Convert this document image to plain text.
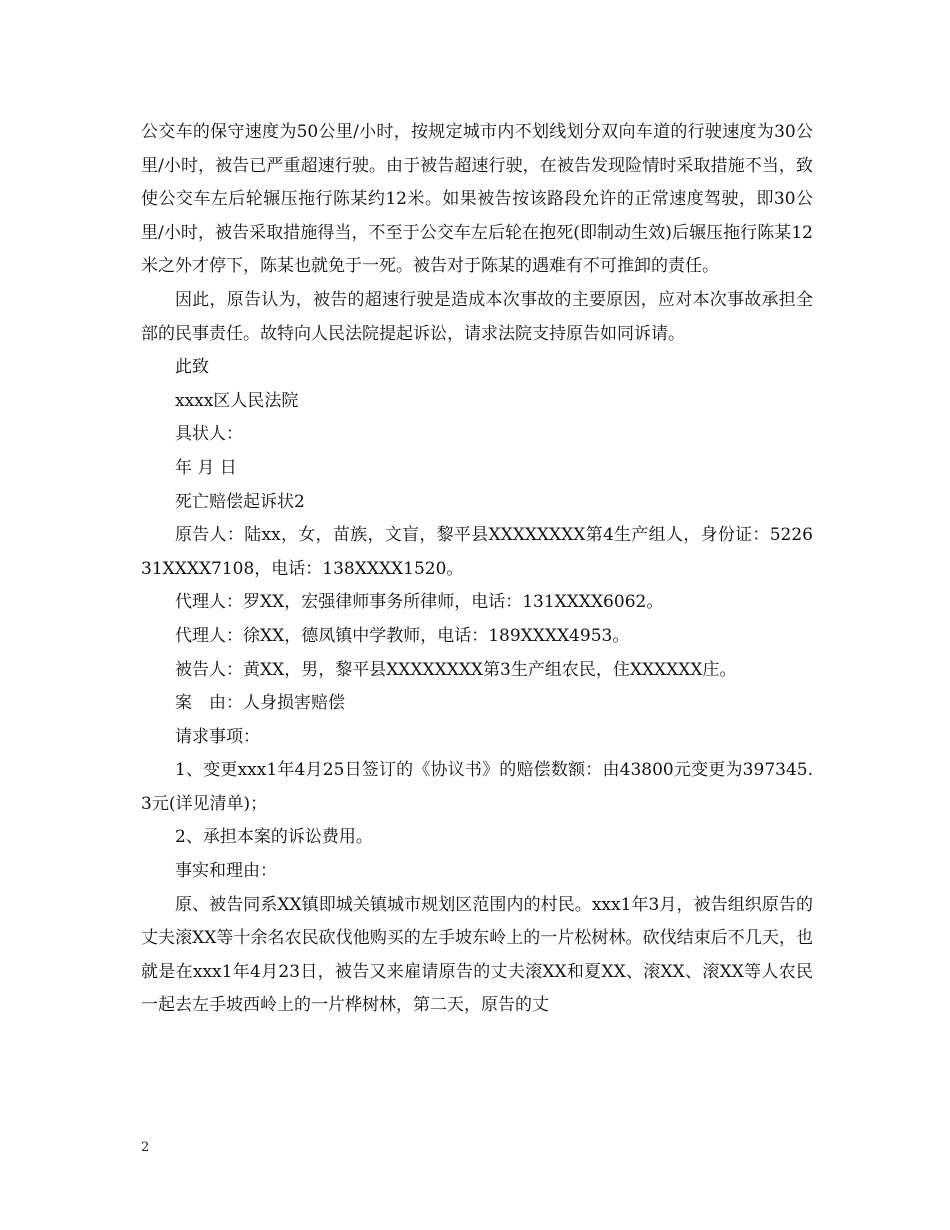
公交车的保守速度为50公里/小时，按规定城市内不划线划分双向车道的行驶速度为30公里/小时，被告已严重超速行驶。由于被告超速行驶，在被告发现险情时采取措施不当，致使公交车左后轮辗压拖行陈某约12米。如果被告按该路段允许的正常速度驾驶，即30公里/小时，被告采取措施得当，不至于公交车左后轮在抱死(即制动生效)后辗压拖行陈某12米之外才停下，陈某也就免于一死。被告对于陈某的遇难有不可推卸的责任。

因此，原告认为，被告的超速行驶是造成本次事故的主要原因，应对本次事故承担全部的民事责任。故特向人民法院提起诉讼，请求法院支持原告如同诉请。

此致

xxxx区人民法院

具状人：

年 月 日

死亡赔偿起诉状2

原告人：陆xx，女，苗族，文盲，黎平县XXXXXXXX第4生产组人，身份证：522631XXXX7108，电话：138XXXX1520。

代理人：罗XX，宏强律师事务所律师，电话：131XXXX6062。

代理人：徐XX，德凤镇中学教师，电话：189XXXX4953。

被告人：黄XX，男，黎平县XXXXXXXX第3生产组农民，住XXXXXX庄。

案　由：人身损害赔偿

请求事项：

1、变更xxx1年4月25日签订的《协议书》的赔偿数额：由43800元变更为397345.3元(详见清单)；

2、承担本案的诉讼费用。

事实和理由：

原、被告同系XX镇即城关镇城市规划区范围内的村民。xxx1年3月，被告组织原告的丈夫滚XX等十余名农民砍伐他购买的左手坡东岭上的一片松树林。砍伐结束后不几天，也就是在xxx1年4月23日，被告又来雇请原告的丈夫滚XX和夏XX、滚XX、滚XX等人农民一起去左手坡西岭上的一片桦树林，第二天，原告的丈

2
